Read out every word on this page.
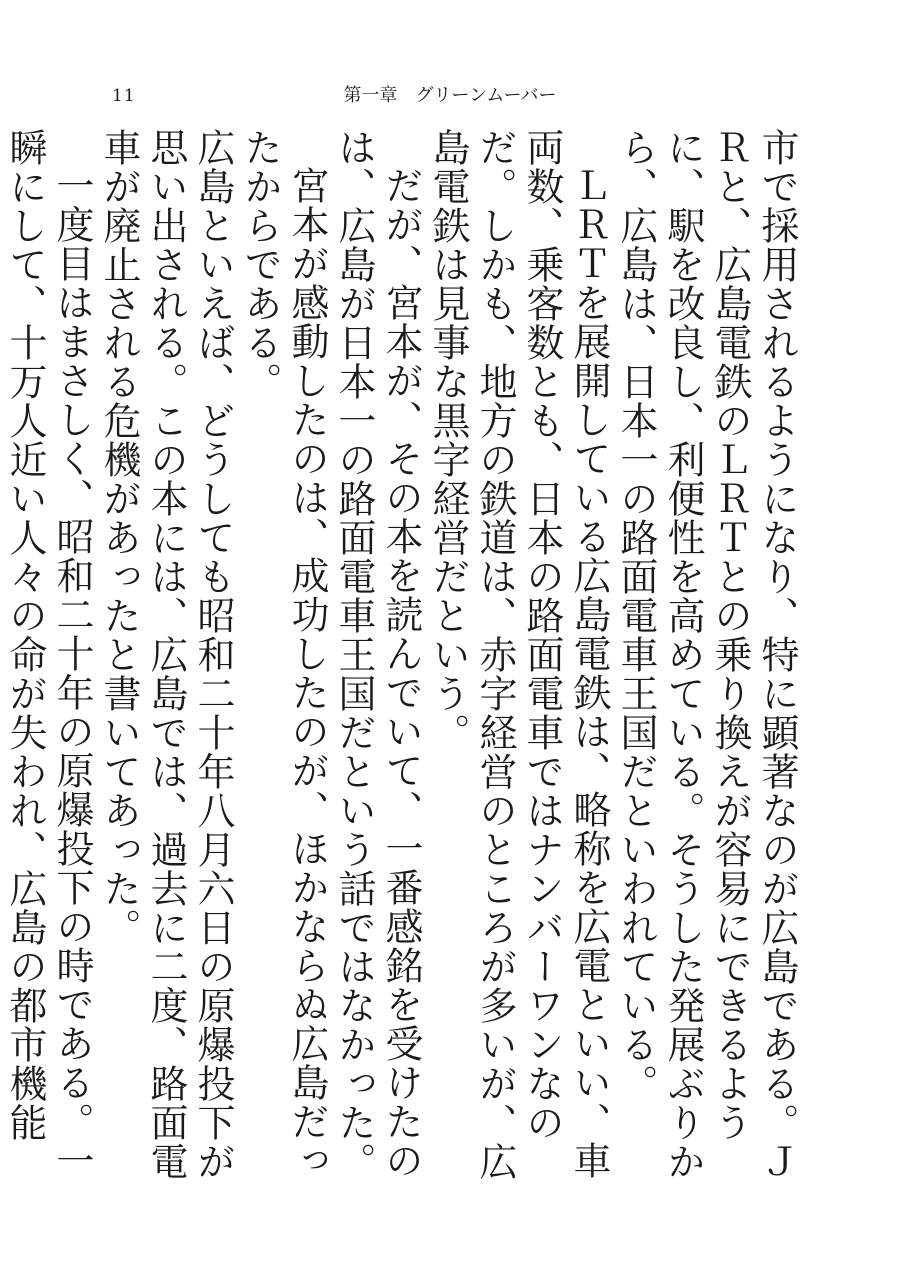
11	第一章 グリーンムーバー

市で採用されるようになり、特に顕著なのが広島である。ＪＲと、広島電鉄のＬＲＴとの乗り換えが容易にできるように、駅を改良し、利便性を高めている。そうした発展ぶりから、広島は、日本一の路面電車王国だといわれている。

ＬＲＴを展開している広島電鉄は、略称を広電といい、車両数、乗客数とも、日本の路面電車ではナンバーワンなのだ。しかも、地方の鉄道は、赤字経営のところが多いが、広島電鉄は見事な黒字経営だという。

だが、宮本が、その本を読んでいて、一番感銘を受けたのは、広島が日本一の路面電車王国だという話ではなかった。

宮本が感動したのは、成功したのが、ほかならぬ広島だったからである。

広島といえば、どうしても昭和二十年八月六日の原爆投下が思い出される。この本には、広島では、過去に二度、路面電車が廃止される危機があったと書いてあった。

一度目はまさしく、昭和二十年の原爆投下の時である。一瞬にして、十万人近い人々の命が失われ、広島の都市機能
